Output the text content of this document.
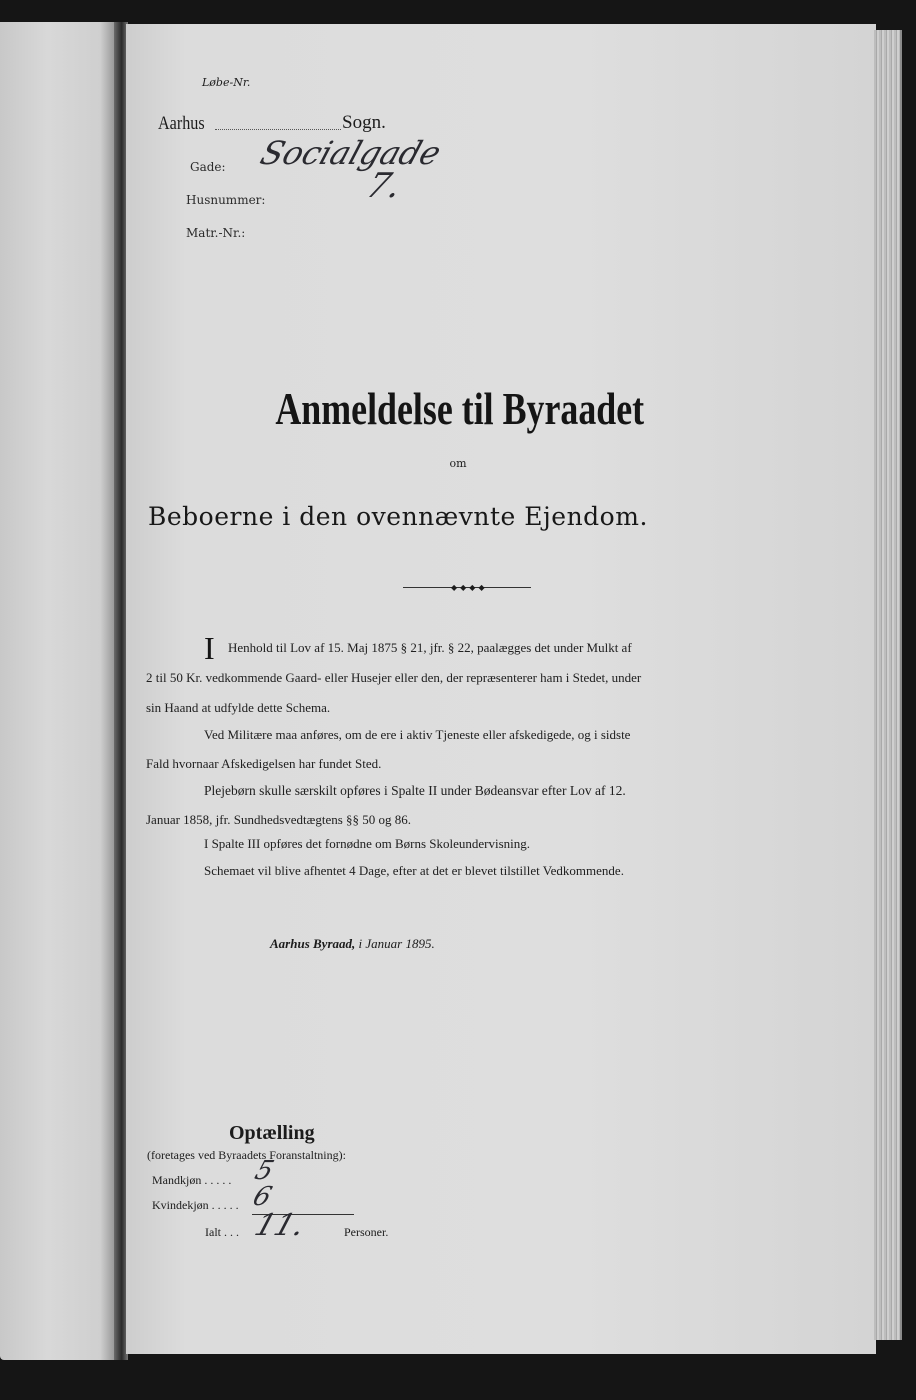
Løbe-Nr.
Aarhus	Sogn.
Gade: Socialgade
Husnummer:	7.
Matr.-Nr.:
Anmeldelse til Byraadet
om
Beboerne i den ovennævnte Ejendom.
◆◆◆◆
I Henhold til Lov af 15. Maj 1875 § 21, jfr. § 22, paalægges det under Mulkt af
2 til 50 Kr. vedkommende Gaard- eller Husejer eller den, der repræsenterer ham i Stedet, under
sin Haand at udfylde dette Schema.
Ved Militære maa anføres, om de ere i aktiv Tjeneste eller afskedigede, og i sidste
Fald hvornaar Afskedigelsen har fundet Sted.
Plejebørn skulle særskilt opføres i Spalte II under Bødeansvar efter Lov af 12.
Januar 1858, jfr. Sundhedsvedtægtens §§ 50 og 86.
I Spalte III opføres det fornødne om Børns Skoleundervisning.
Schemaet vil blive afhentet 4 Dage, efter at det er blevet tilstillet Vedkommende.
Aarhus Byraad, i Januar 1895.
Optælling
(foretages ved Byraadets Foranstaltning):
Mandkjøn . . . . . 5
Kvindekjøn . . . . . 6
Ialt . . . 11.	Personer.
